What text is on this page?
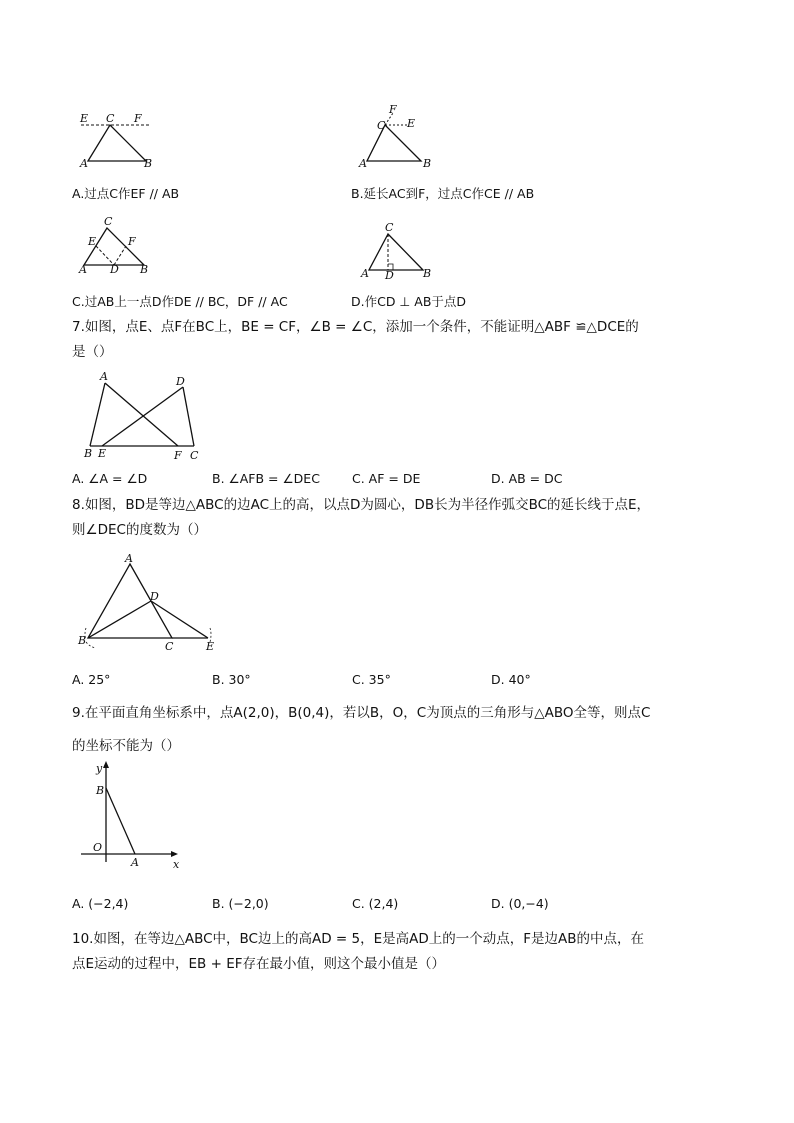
E C F
A	B
F
C E
A	B
C
E	F
A D B
C
A D	B
A.过点C作EF // AB	B.延长AC到F，过点C作CE // AB
C.过AB上一点D作DE // BC，DF // AC	D.作CD ⊥ AB于点D
7.如图，点E、点F在BC上，BE = CF，∠B = ∠C，添加一个条件，不能证明△ABF ≌△DCE的
是（）
A	D
B E	F C
A. ∠A = ∠D	B. ∠AFB = ∠DEC	C. AF = DE	D. AB = DC
8.如图，BD是等边△ABC的边AC上的高，以点D为圆心，DB长为半径作弧交BC的延长线于点E，
则∠DEC的度数为（）
A
D
B	C	E
A. 25°	B. 30°	C. 35°	D. 40°
9.在平面直角坐标系中，点A(2,0)，B(0,4)，若以B，O，C为顶点的三角形与△ABO全等，则点C
的坐标不能为（）
y
B
O
A	x
A. (−2,4)	B. (−2,0)	C. (2,4)	D. (0,−4)
10.如图，在等边△ABC中，BC边上的高AD = 5，E是高AD上的一个动点，F是边AB的中点，在
点E运动的过程中，EB + EF存在最小值，则这个最小值是（）
